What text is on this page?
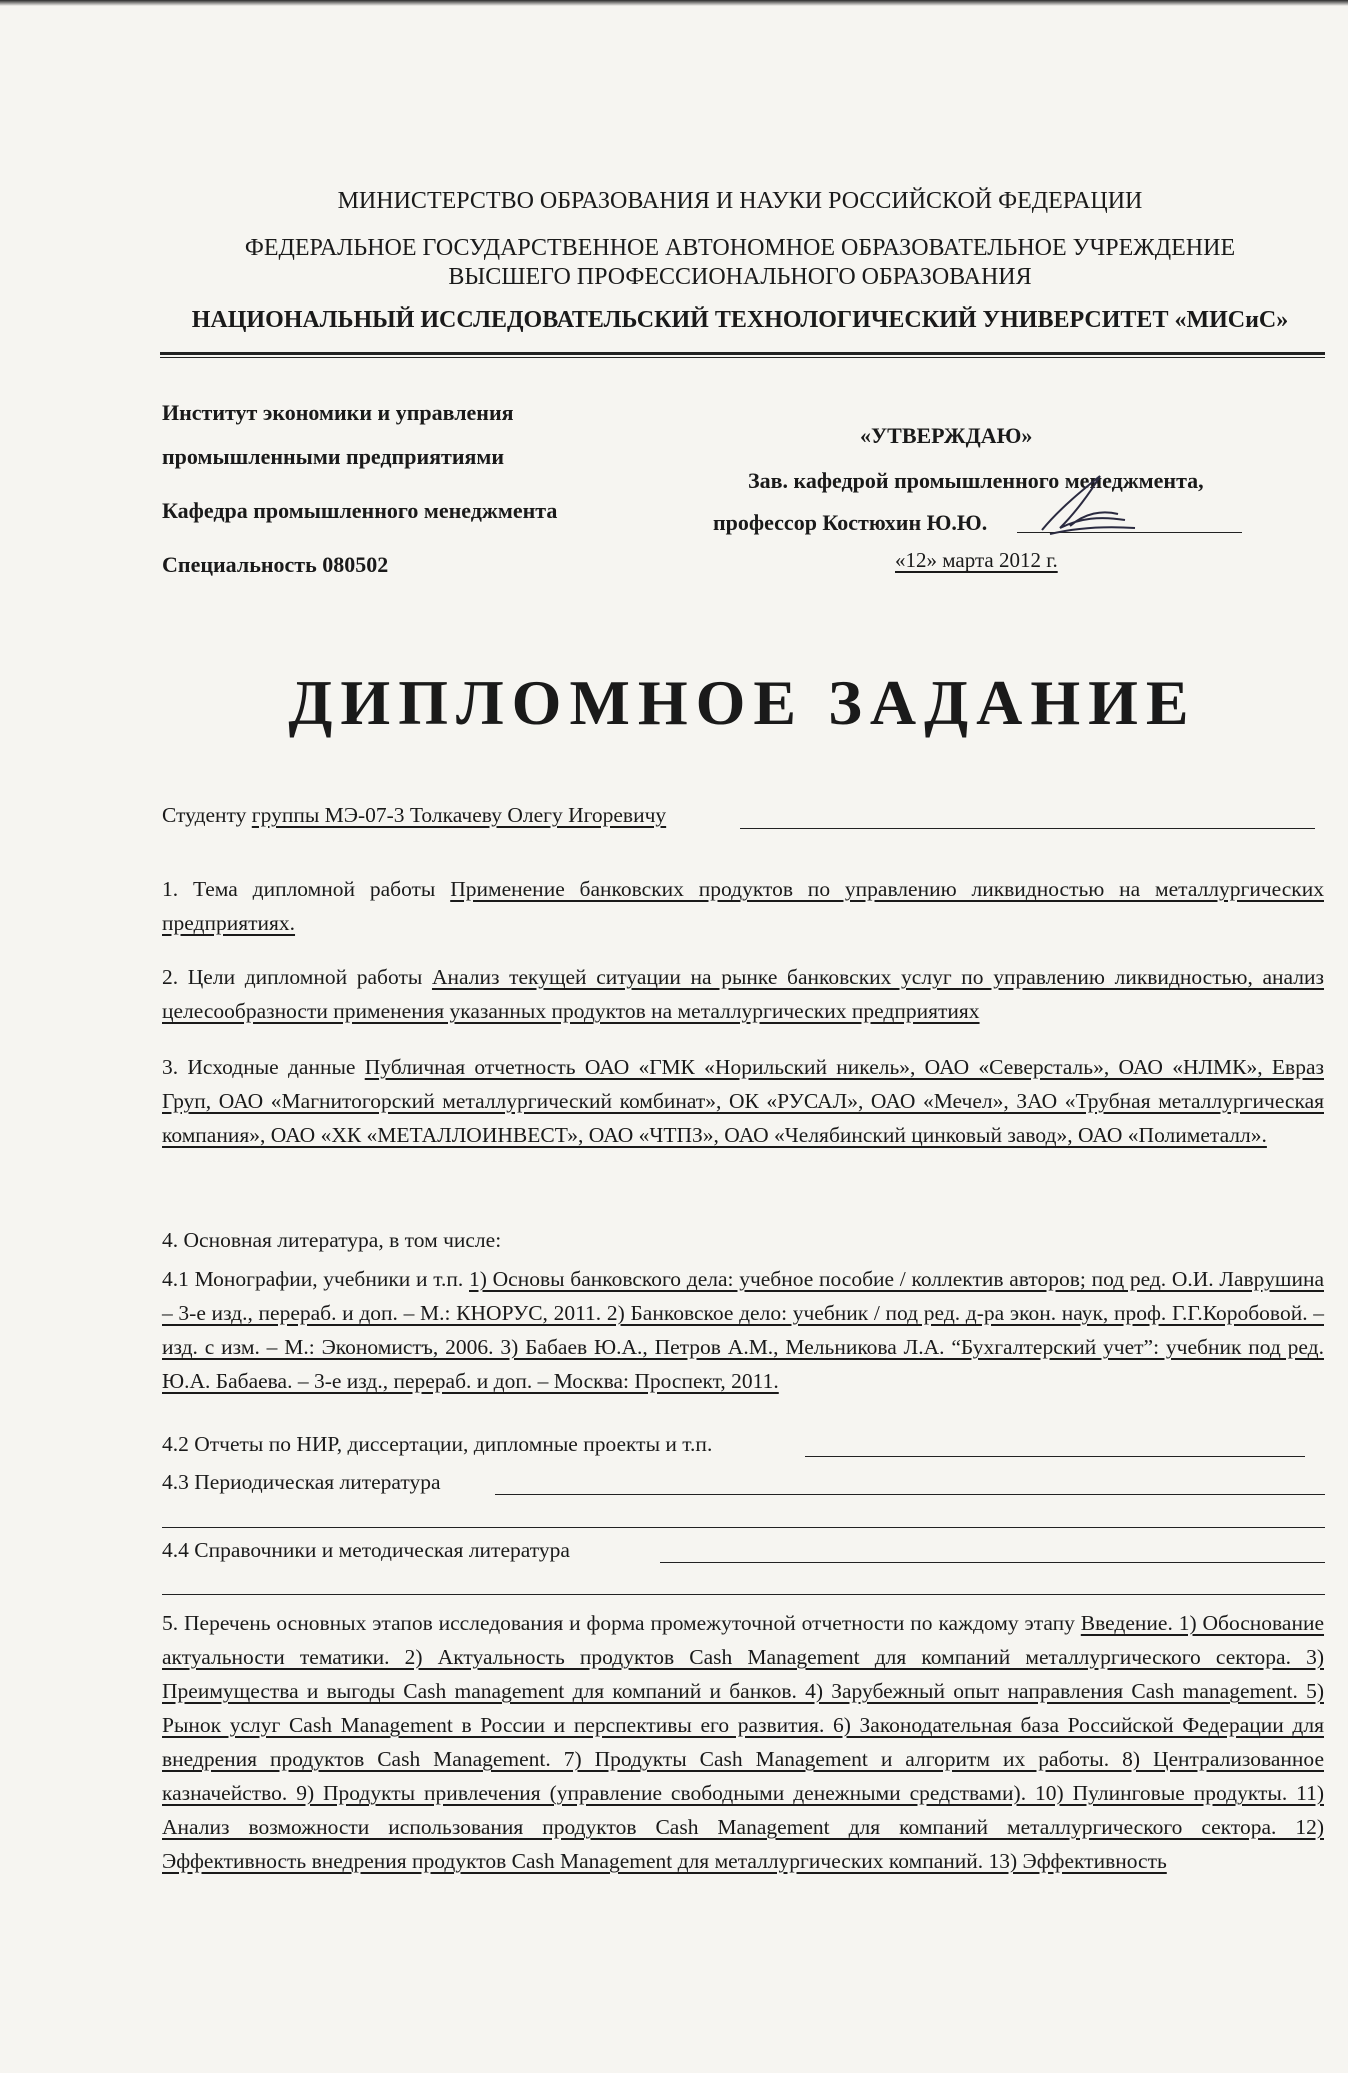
МИНИСТЕРСТВО ОБРАЗОВАНИЯ И НАУКИ РОССИЙСКОЙ ФЕДЕРАЦИИ
ФЕДЕРАЛЬНОЕ ГОСУДАРСТВЕННОЕ АВТОНОМНОЕ ОБРАЗОВАТЕЛЬНОЕ УЧРЕЖДЕНИЕ
ВЫСШЕГО ПРОФЕССИОНАЛЬНОГО ОБРАЗОВАНИЯ
НАЦИОНАЛЬНЫЙ ИССЛЕДОВАТЕЛЬСКИЙ ТЕХНОЛОГИЧЕСКИЙ УНИВЕРСИТЕТ «МИСиС»
Институт экономики и управления
промышленными предприятиями
Кафедра промышленного менеджмента
Специальность 080502
«УТВЕРЖДАЮ»
Зав. кафедрой промышленного менеджмента,
профессор Костюхин Ю.Ю.
«12» марта 2012 г.
ДИПЛОМНОЕ ЗАДАНИЕ
Студенту группы МЭ-07-3 Толкачеву Олегу Игоревичу
1. Тема дипломной работы Применение банковских продуктов по управлению ликвидностью на металлургических предприятиях.
2. Цели дипломной работы Анализ текущей ситуации на рынке банковских услуг по управлению ликвидностью, анализ целесообразности применения указанных продуктов на металлургических предприятиях
3. Исходные данные Публичная отчетность ОАО «ГМК «Норильский никель», ОАО «Северсталь», ОАО «НЛМК», Евраз Груп, ОАО «Магнитогорский металлургический комбинат», ОК «РУСАЛ», ОАО «Мечел», ЗАО «Трубная металлургическая компания», ОАО «ХК «МЕТАЛЛОИНВЕСТ», ОАО «ЧТПЗ», ОАО «Челябинский цинковый завод», ОАО «Полиметалл».
4. Основная литература, в том числе:
4.1 Монографии, учебники и т.п. 1) Основы банковского дела: учебное пособие / коллектив авторов; под ред. О.И. Лаврушина – 3-е изд., перераб. и доп. – М.: КНОРУС, 2011. 2) Банковское дело: учебник / под ред. д-ра экон. наук, проф. Г.Г.Коробовой. – изд. с изм. – М.: Экономистъ, 2006. 3) Бабаев Ю.А., Петров А.М., Мельникова Л.А. “Бухгалтерский учет”: учебник под ред. Ю.А. Бабаева. – 3-е изд., перераб. и доп. – Москва: Проспект, 2011.
4.2 Отчеты по НИР, диссертации, дипломные проекты и т.п.
4.3 Периодическая литература
4.4 Справочники и методическая литература
5. Перечень основных этапов исследования и форма промежуточной отчетности по каждому этапу Введение. 1) Обоснование актуальности тематики. 2) Актуальность продуктов Cash Management для компаний металлургического сектора. 3) Преимущества и выгоды Cash management для компаний и банков. 4) Зарубежный опыт направления Cash management. 5) Рынок услуг Cash Management в России и перспективы его развития. 6) Законодательная база Российской Федерации для внедрения продуктов Cash Management. 7) Продукты Cash Management и алгоритм их работы. 8) Централизованное казначейство. 9) Продукты привлечения (управление свободными денежными средствами). 10) Пулинговые продукты. 11) Анализ возможности использования продуктов Cash Management для компаний металлургического сектора. 12) Эффективность внедрения продуктов Cash Management для металлургических компаний. 13) Эффективность
